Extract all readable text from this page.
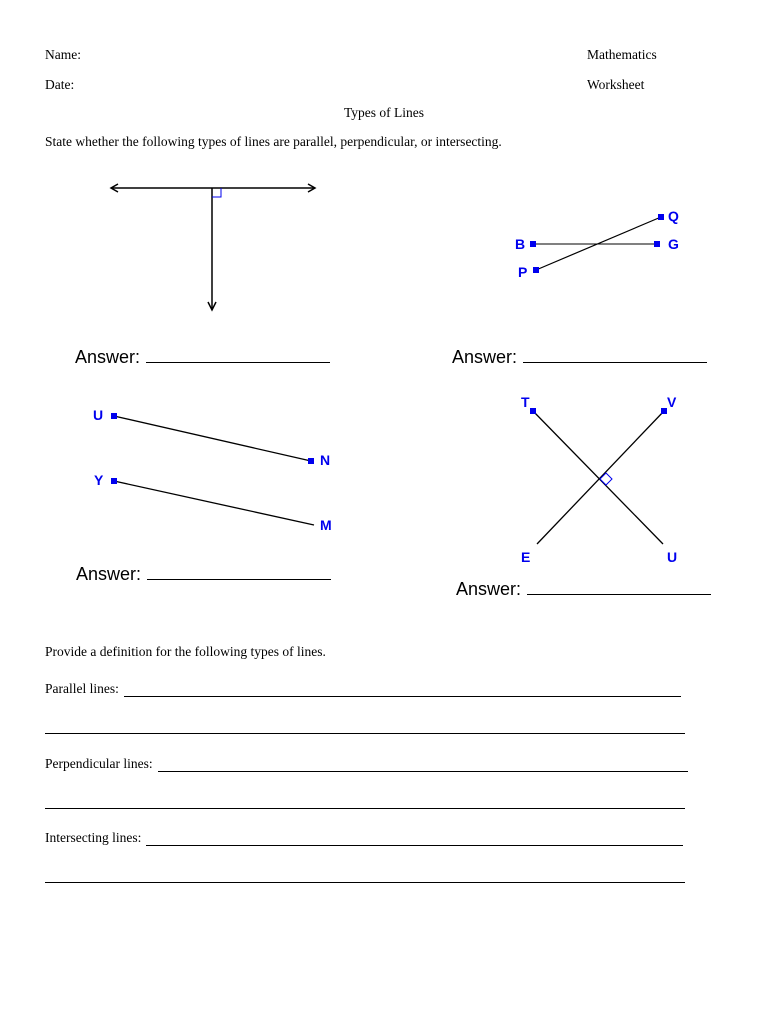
Name:
Date:
Mathematics
Worksheet
Types of Lines
State whether the following types of lines are parallel, perpendicular, or intersecting.
Q
B	G
P
U
N
Y
M
T	V
E	U
Answer:	Answer:
Answer:
Answer:
Provide a definition for the following types of lines.
Parallel lines:
Perpendicular lines:
Intersecting lines:
